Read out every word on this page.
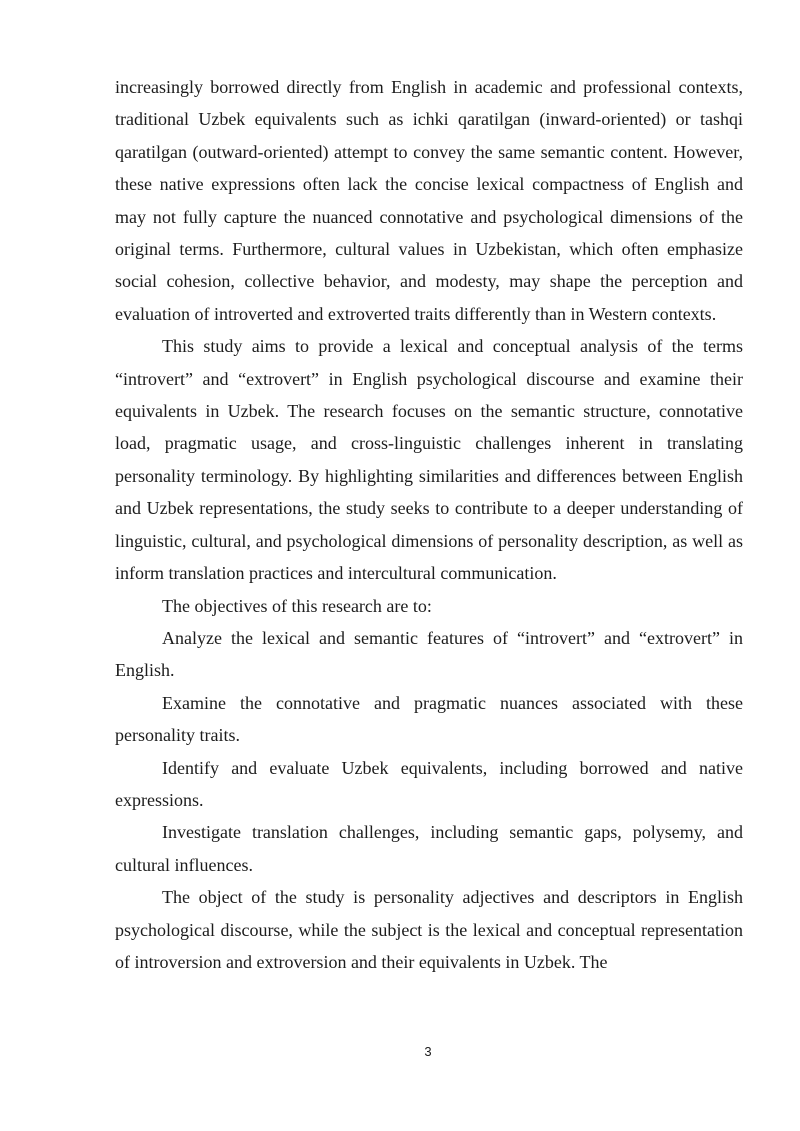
increasingly borrowed directly from English in academic and professional contexts, traditional Uzbek equivalents such as ichki qaratilgan (inward-oriented) or tashqi qaratilgan (outward-oriented) attempt to convey the same semantic content. However, these native expressions often lack the concise lexical compactness of English and may not fully capture the nuanced connotative and psychological dimensions of the original terms. Furthermore, cultural values in Uzbekistan, which often emphasize social cohesion, collective behavior, and modesty, may shape the perception and evaluation of introverted and extroverted traits differently than in Western contexts.

This study aims to provide a lexical and conceptual analysis of the terms “introvert” and “extrovert” in English psychological discourse and examine their equivalents in Uzbek. The research focuses on the semantic structure, connotative load, pragmatic usage, and cross-linguistic challenges inherent in translating personality terminology. By highlighting similarities and differences between English and Uzbek representations, the study seeks to contribute to a deeper understanding of linguistic, cultural, and psychological dimensions of personality description, as well as inform translation practices and intercultural communication.

The objectives of this research are to:

Analyze the lexical and semantic features of “introvert” and “extrovert” in English.

Examine the connotative and pragmatic nuances associated with these personality traits.

Identify and evaluate Uzbek equivalents, including borrowed and native expressions.

Investigate translation challenges, including semantic gaps, polysemy, and cultural influences.

The object of the study is personality adjectives and descriptors in English psychological discourse, while the subject is the lexical and conceptual representation of introversion and extroversion and their equivalents in Uzbek. The

3
